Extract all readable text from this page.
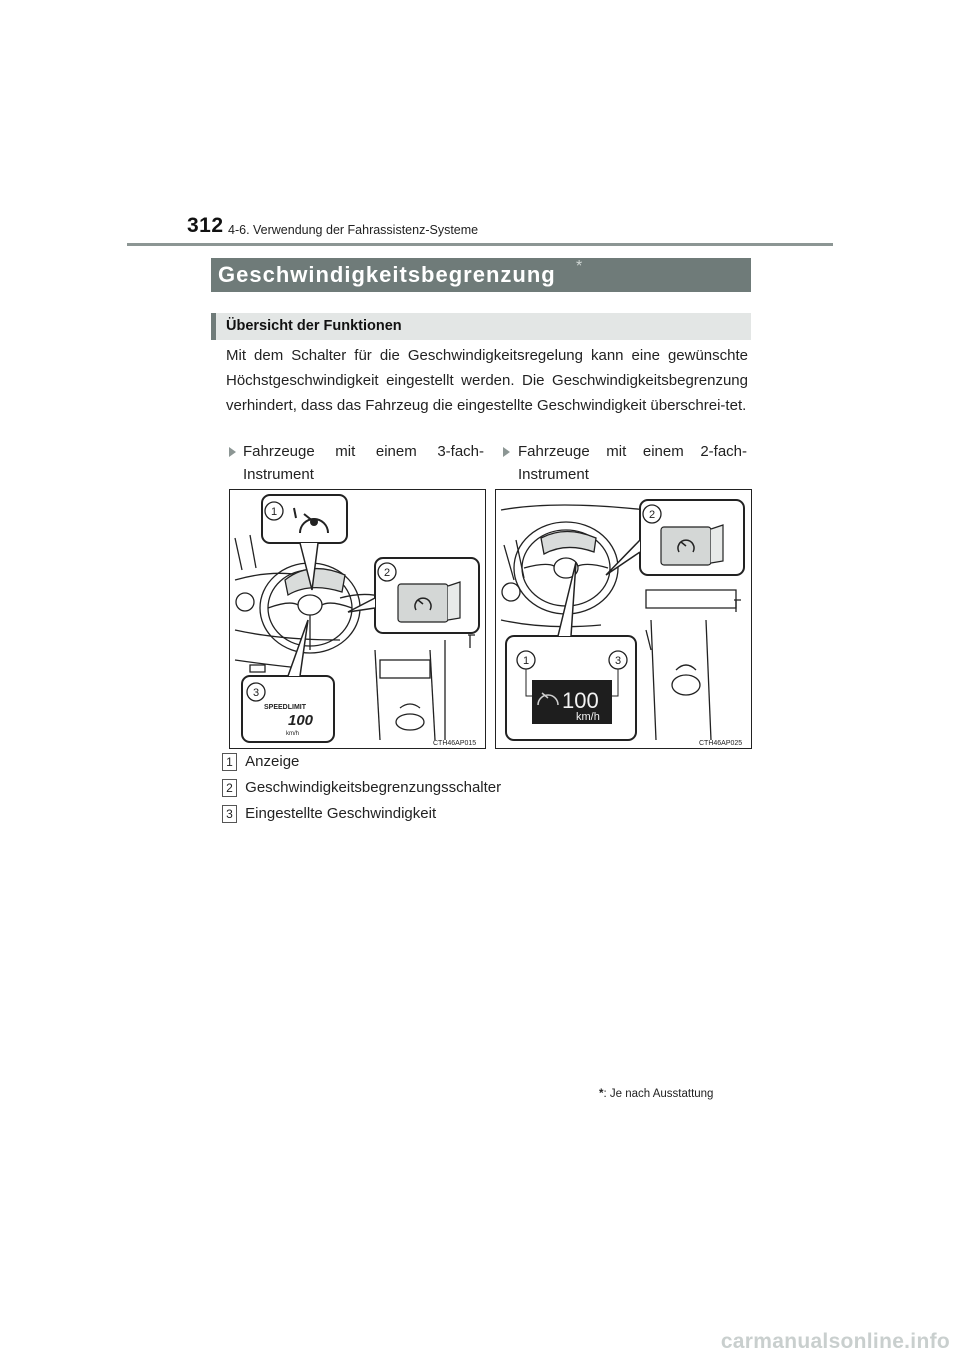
312 4-6. Verwendung der Fahrassistenz-Systeme
Geschwindigkeitsbegrenzung *
Übersicht der Funktionen
Mit dem Schalter für die Geschwindigkeitsregelung kann eine gewünschte Höchstgeschwindigkeit eingestellt werden. Die Geschwindigkeitsbegrenzung verhindert, dass das Fahrzeug die eingestellte Geschwindigkeit überschrei-tet.
Fahrzeuge mit einem 3-fach-
Instrument
Fahrzeuge mit einem 2-fach-
Instrument
SPEEDLIMIT
100
km/h
1
2
3
CTH46AP015
100
km/h
2
1	3
CTH46AP025
1 Anzeige
2 Geschwindigkeitsbegrenzungsschalter
3 Eingestellte Geschwindigkeit
*: Je nach Ausstattung
carmanualsonline.info
